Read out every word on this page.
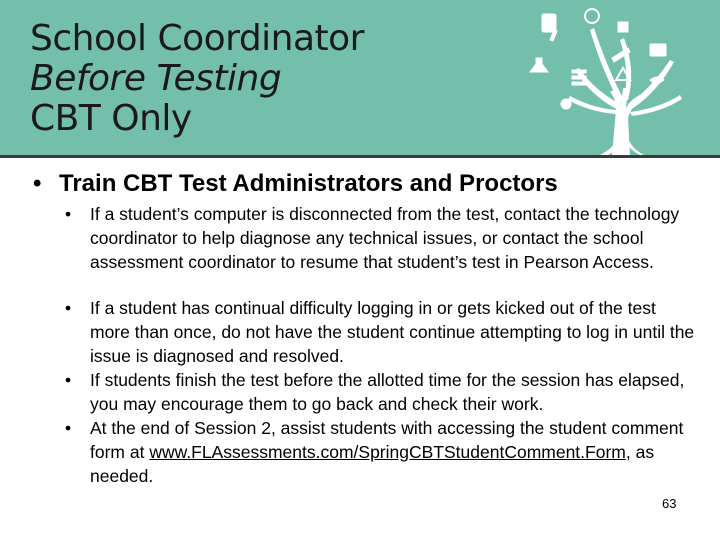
School Coordinator
Before Testing
CBT Only
• Train CBT Test Administrators and Proctors
• If a student’s computer is disconnected from the test, contact the technology coordinator to help diagnose any technical issues, or contact the school assessment coordinator to resume that student’s test in Pearson Access.
• If a student has continual difficulty logging in or gets kicked out of the test more than once, do not have the student continue attempting to log in until the issue is diagnosed and resolved.
• If students finish the test before the allotted time for the session has elapsed, you may encourage them to go back and check their work.
• At the end of Session 2, assist students with accessing the student comment form at www.FLAssessments.com/SpringCBTStudentComment.Form, as needed.
63
